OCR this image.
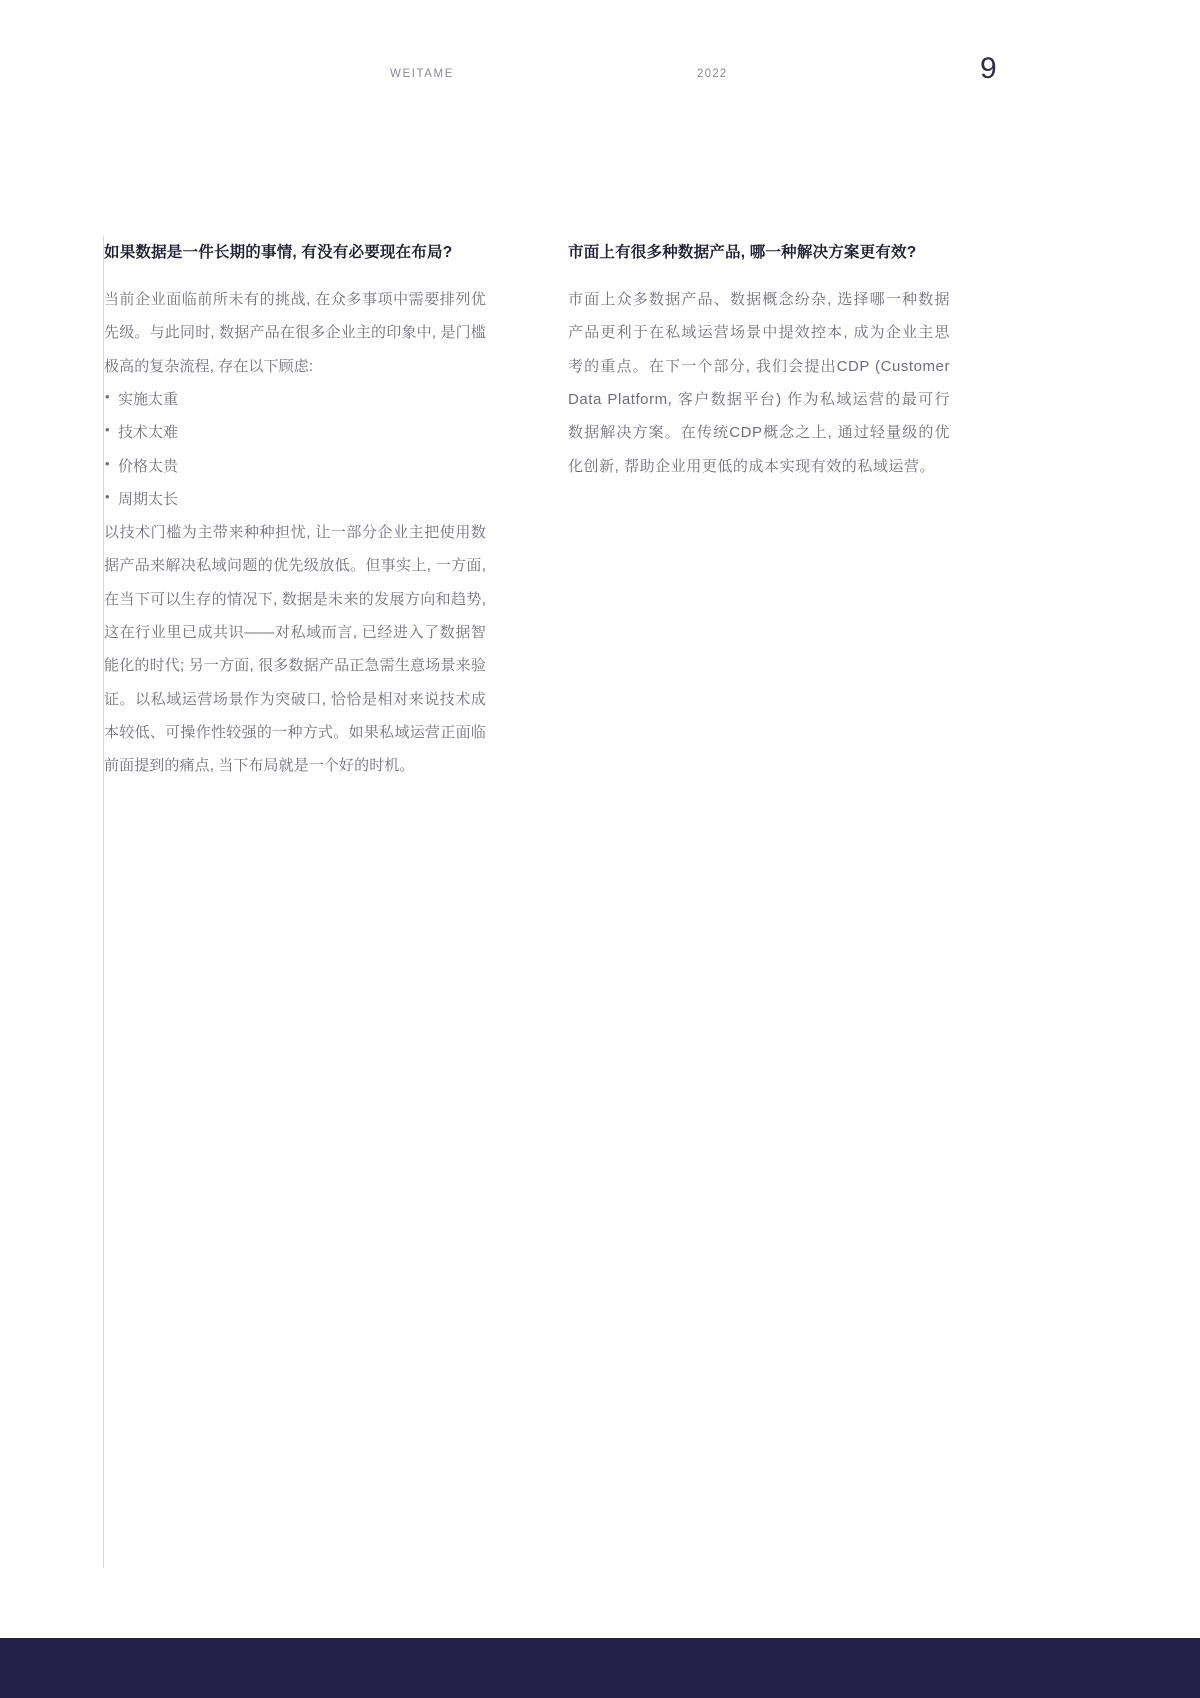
WEITAME	2022	9
如果数据是一件长期的事情, 有没有必要现在布局?

当前企业面临前所未有的挑战, 在众多事项中需要排列优先级。与此同时, 数据产品在很多企业主的印象中, 是门槛极高的复杂流程, 存在以下顾虑:

• 实施太重
• 技术太难
• 价格太贵
• 周期太长

以技术门槛为主带来种种担忧, 让一部分企业主把使用数据产品来解决私域问题的优先级放低。但事实上, 一方面, 在当下可以生存的情况下, 数据是未来的发展方向和趋势, 这在行业里已成共识——对私域而言, 已经进入了数据智能化的时代; 另一方面, 很多数据产品正急需生意场景来验证。以私域运营场景作为突破口, 恰恰是相对来说技术成本较低、可操作性较强的一种方式。如果私域运营正面临前面提到的痛点, 当下布局就是一个好的时机。

市面上有很多种数据产品, 哪一种解决方案更有效?

市面上众多数据产品、数据概念纷杂, 选择哪一种数据产品更利于在私域运营场景中提效控本, 成为企业主思考的重点。在下一个部分, 我们会提出CDP (Customer Data Platform, 客户数据平台) 作为私域运营的最可行数据解决方案。在传统CDP概念之上, 通过轻量级的优化创新, 帮助企业用更低的成本实现有效的私域运营。
